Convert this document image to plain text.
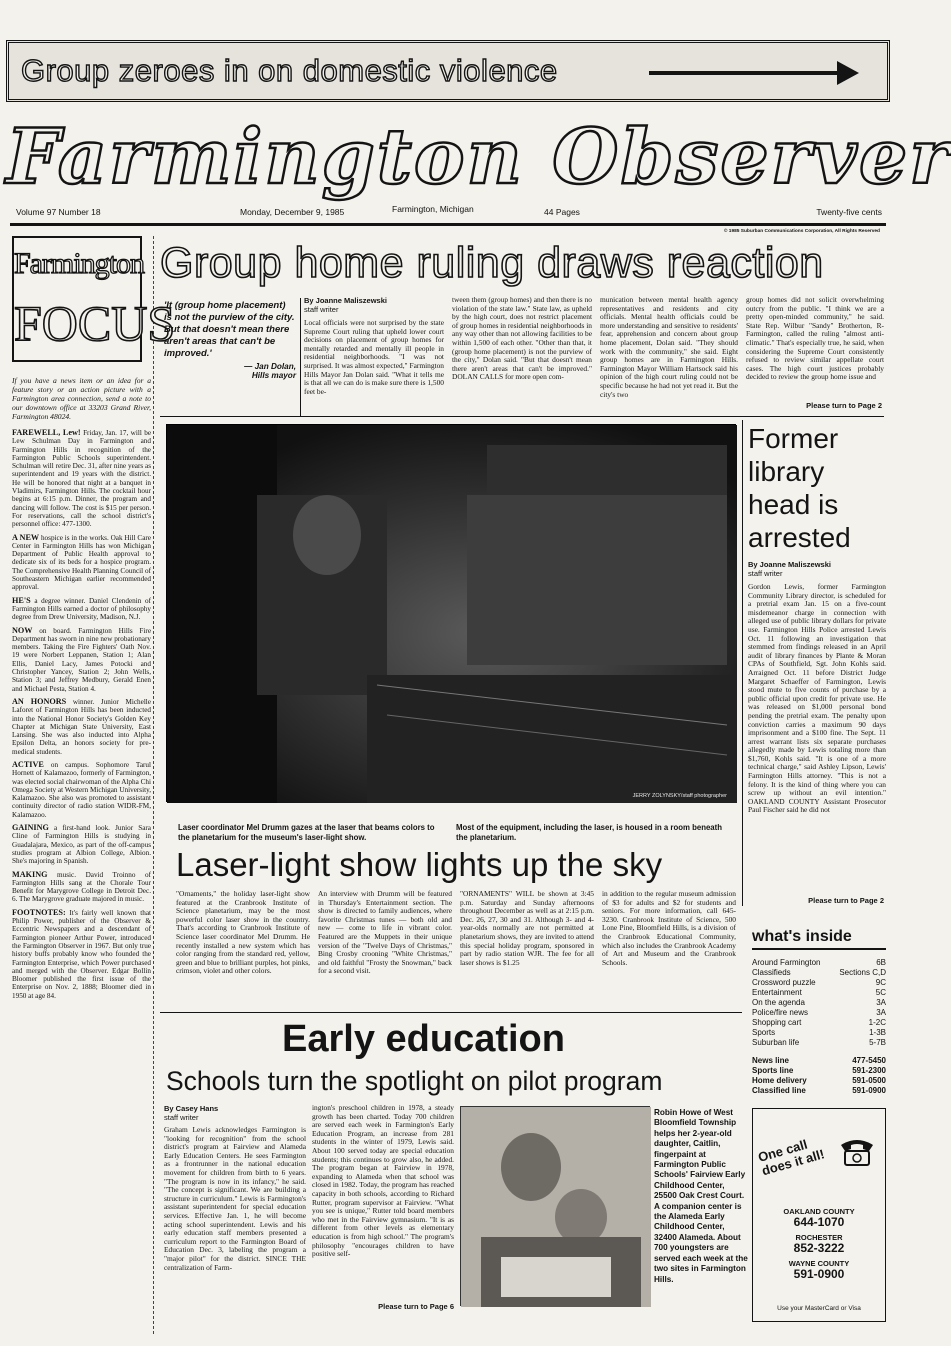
Group zeroes in on domestic violence
Farmington Observer
Volume 97 Number 18	Monday, December 9, 1985	Farmington, Michigan	44 Pages	Twenty-five cents
© 1985 Suburban Communications Corporation, All Rights Reserved
Farmington
FOCUS
If you have a news item or an idea for a feature story or an action picture with a Farmington area connection, send a note to our downtown office at 33203 Grand River, Farmington 48024.
FAREWELL, Lew! Friday, Jan. 17, will be Lew Schulman Day in Farmington and Farmington Hills in recognition of the Farmington Public Schools superintendent. Schulman will retire Dec. 31, after nine years as superintendent and 19 years with the district. He will be honored that night at a banquet in Vladimirs, Farmington Hills. The cocktail hour begins at 6:15 p.m. Dinner, the program and dancing will follow. The cost is $15 per person. For reservations, call the school district's personnel office: 477-1300.
A NEW hospice is in the works. Oak Hill Care Center in Farmington Hills has won Michigan Department of Public Health approval to dedicate six of its beds for a hospice program. The Comprehensive Health Planning Council of Southeastern Michigan earlier recommended approval.
HE'S a degree winner. Daniel Clendenin of Farmington Hills earned a doctor of philosophy degree from Drew University, Madison, N.J.
NOW on board. Farmington Hills Fire Department has sworn in nine new probationary members. Taking the Fire Fighters' Oath Nov. 19 were Norbert Leppanen, Station 1; Alan Ellis, Daniel Lacy, James Potocki and Christopher Yancey, Station 2; John Wells, Station 3; and Jeffrey Medbury, Gerald Enen and Michael Pesta, Station 4.
AN HONORS winner. Junior Michelle Laforet of Farmington Hills has been inducted into the National Honor Society's Golden Key Chapter at Michigan State University, East Lansing. She was also inducted into Alpha Epsilon Delta, an honors society for pre-medical students.
ACTIVE on campus. Sophomore Tarul Hornett of Kalamazoo, formerly of Farmington, was elected social chairwoman of the Alpha Chi Omega Society at Western Michigan University, Kalamazoo. She also was promoted to assistant continuity director of radio station WIDR-FM, Kalamazoo.
GAINING a first-hand look. Junior Sara Cline of Farmington Hills is studying in Guadalajara, Mexico, as part of the off-campus studies program at Albion College, Albion. She's majoring in Spanish.
MAKING music. David Troinno of Farmington Hills sang at the Chorale Tour Benefit for Marygrove College in Detroit Dec. 6. The Marygrove graduate majored in music.
FOOTNOTES: It's fairly well known that Philip Power, publisher of the Observer & Eccentric Newspapers and a descendant of Farmington pioneer Arthur Power, introduced the Farmington Observer in 1967. But only true history buffs probably know who founded the Farmington Enterprise, which Power purchased and merged with the Observer. Edgar Bollin Bloomer published the first issue of the Enterprise on Nov. 2, 1888; Bloomer died in 1950 at age 84.
Group home ruling draws reaction
'It (group home placement) is not the purview of the city. But that doesn't mean there aren't areas that can't be improved.'
— Jan Dolan,
Hills mayor
By Joanne Maliszewski
staff writer
Local officials were not surprised by the state Supreme Court ruling that upheld lower court decisions on placement of group homes for mentally retarded and mentally ill people in residential neighborhoods. "I was not surprised. It was almost expected," Farmington Hills Mayor Jan Dolan said. "What it tells me is that all we can do is make sure there is 1,500 feet be-
tween them (group homes) and then there is no violation of the state law." State law, as upheld by the high court, does not restrict placement of group homes in residential neighborhoods in any way other than not allowing facilities to be within 1,500 of each other. "Other than that, it (group home placement) is not the purview of the city," Dolan said. "But that doesn't mean there aren't areas that can't be improved." DOLAN CALLS for more open com-
munication between mental health agency representatives and residents and city officials. Mental health officials could be more understanding and sensitive to residents' fear, apprehension and concern about group home placement, Dolan said. "They should work with the community," she said. Eight group homes are in Farmington Hills. Farmington Mayor William Hartsock said his opinion of the high court ruling could not be specific because he had not yet read it. But the city's two
group homes did not solicit overwhelming outcry from the public. "I think we are a pretty open-minded community," he said. State Rep. Wilbur "Sandy" Brotherton, R-Farmington, called the ruling "almost anti-climatic." That's especially true, he said, when considering the Supreme Court consistently refused to review similar appellate court cases. The high court justices probably decided to review the group home issue and
Please turn to Page 2
JERRY ZOLYNSKY/staff photographer
Laser coordinator Mel Drumm gazes at the laser that beams colors to the planetarium for the museum's laser-light show.
Most of the equipment, including the laser, is housed in a room beneath the planetarium.
Former
library
head is
arrested
By Joanne Maliszewski
staff writer
Gordon Lewis, former Farmington Community Library director, is scheduled for a pretrial exam Jan. 15 on a five-count misdemeanor charge in connection with alleged use of public library dollars for private use. Farmington Hills Police arrested Lewis Oct. 11 following an investigation that stemmed from findings released in an April audit of library finances by Plante & Moran CPAs of Southfield, Sgt. John Kohls said. Arraigned Oct. 11 before District Judge Margaret Schaeffer of Farmington, Lewis stood mute to five counts of purchase by a public official upon credit for private use. He was released on $1,000 personal bond pending the pretrial exam. The penalty upon conviction carries a maximum 90 days imprisonment and a $100 fine. The Sept. 11 arrest warrant lists six separate purchases allegedly made by Lewis totaling more than $1,760, Kohls said. "It is one of a more technical charge," said Ashley Lipson, Lewis' Farmington Hills attorney. "This is not a felony. It is the kind of thing where you can screw up without an evil intention." OAKLAND COUNTY Assistant Prosecutor Paul Fischer said he did not
Please turn to Page 2
Laser-light show lights up the sky
"Ornaments," the holiday laser-light show featured at the Cranbrook Institute of Science planetarium, may be the most powerful color laser show in the country. That's according to Cranbrook Institute of Science laser coordinator Mel Drumm. He recently installed a new system which has color ranging from the standard red, yellow, green and blue to brilliant purples, hot pinks, crimson, violet and other colors.
An interview with Drumm will be featured in Thursday's Entertainment section. The show is directed to family audiences, where favorite Christmas tunes — both old and new — come to life in vibrant color. Featured are the Muppets in their unique version of the "Twelve Days of Christmas," Bing Crosby crooning "White Christmas," and old faithful "Frosty the Snowman," back for a second visit.
"ORNAMENTS" WILL be shown at 3:45 p.m. Saturday and Sunday afternoons throughout December as well as at 2:15 p.m. Dec. 26, 27, 30 and 31. Although 3- and 4-year-olds normally are not permitted at planetarium shows, they are invited to attend this special holiday program, sponsored in part by radio station WJR. The fee for all laser shows is $1.25
in addition to the regular museum admission of $3 for adults and $2 for students and seniors. For more information, call 645-3230. Cranbrook Institute of Science, 500 Lone Pine, Bloomfield Hills, is a division of the Cranbrook Educational Community, which also includes the Cranbrook Academy of Art and Museum and the Cranbrook Schools.
what's inside
Around Farmington	6B
Classifieds	Sections C,D
Crossword puzzle	9C
Entertainment	5C
On the agenda	3A
Police/fire news	3A
Shopping cart	1-2C
Sports	1-3B
Suburban life	5-7B
News line	477-5450
Sports line	591-2300
Home delivery	591-0500
Classified line	591-0900
Early education
Schools turn the spotlight on pilot program
By Casey Hans
staff writer
Graham Lewis acknowledges Farmington is "looking for recognition" from the school district's program at Fairview and Alameda Early Education Centers. He sees Farmington as a frontrunner in the national education movement for children from birth to 6 years. "The program is now in its infancy," he said. "The concept is significant. We are building a structure in curriculum." Lewis is Farmington's assistant superintendent for special education services. Effective Jan. 1, he will become acting school superintendent. Lewis and his early education staff members presented a curriculum report to the Farmington Board of Education Dec. 3, labeling the program a "major pilot" for the district. SINCE THE centralization of Farm-
ington's preschool children in 1978, a steady growth has been charted. Today 700 children are served each week in Farmington's Early Education Program, an increase from 281 students in the winter of 1979, Lewis said. About 100 served today are special education students; this continues to grow also, he added. The program began at Fairview in 1978, expanding to Alameda when that school was closed in 1982. Today, the program has reached capacity in both schools, according to Richard Rutter, program supervisor at Fairview. "What you see is unique," Rutter told board members who met in the Fairview gymnasium. "It is as different from other levels as elementary education is from high school." The program's philosophy "encourages children to have positive self-
Please turn to Page 6
Robin Howe of West Bloomfield Township helps her 2-year-old daughter, Caitlin, fingerpaint at Farmington Public Schools' Fairview Early Childhood Center, 25500 Oak Crest Court. A companion center is the Alameda Early Childhood Center, 32400 Alameda. About 700 youngsters are served each week at the two sites in Farmington Hills.
One call does it all!
OAKLAND COUNTY
644-1070
ROCHESTER
852-3222
WAYNE COUNTY
591-0900
Use your MasterCard or Visa
